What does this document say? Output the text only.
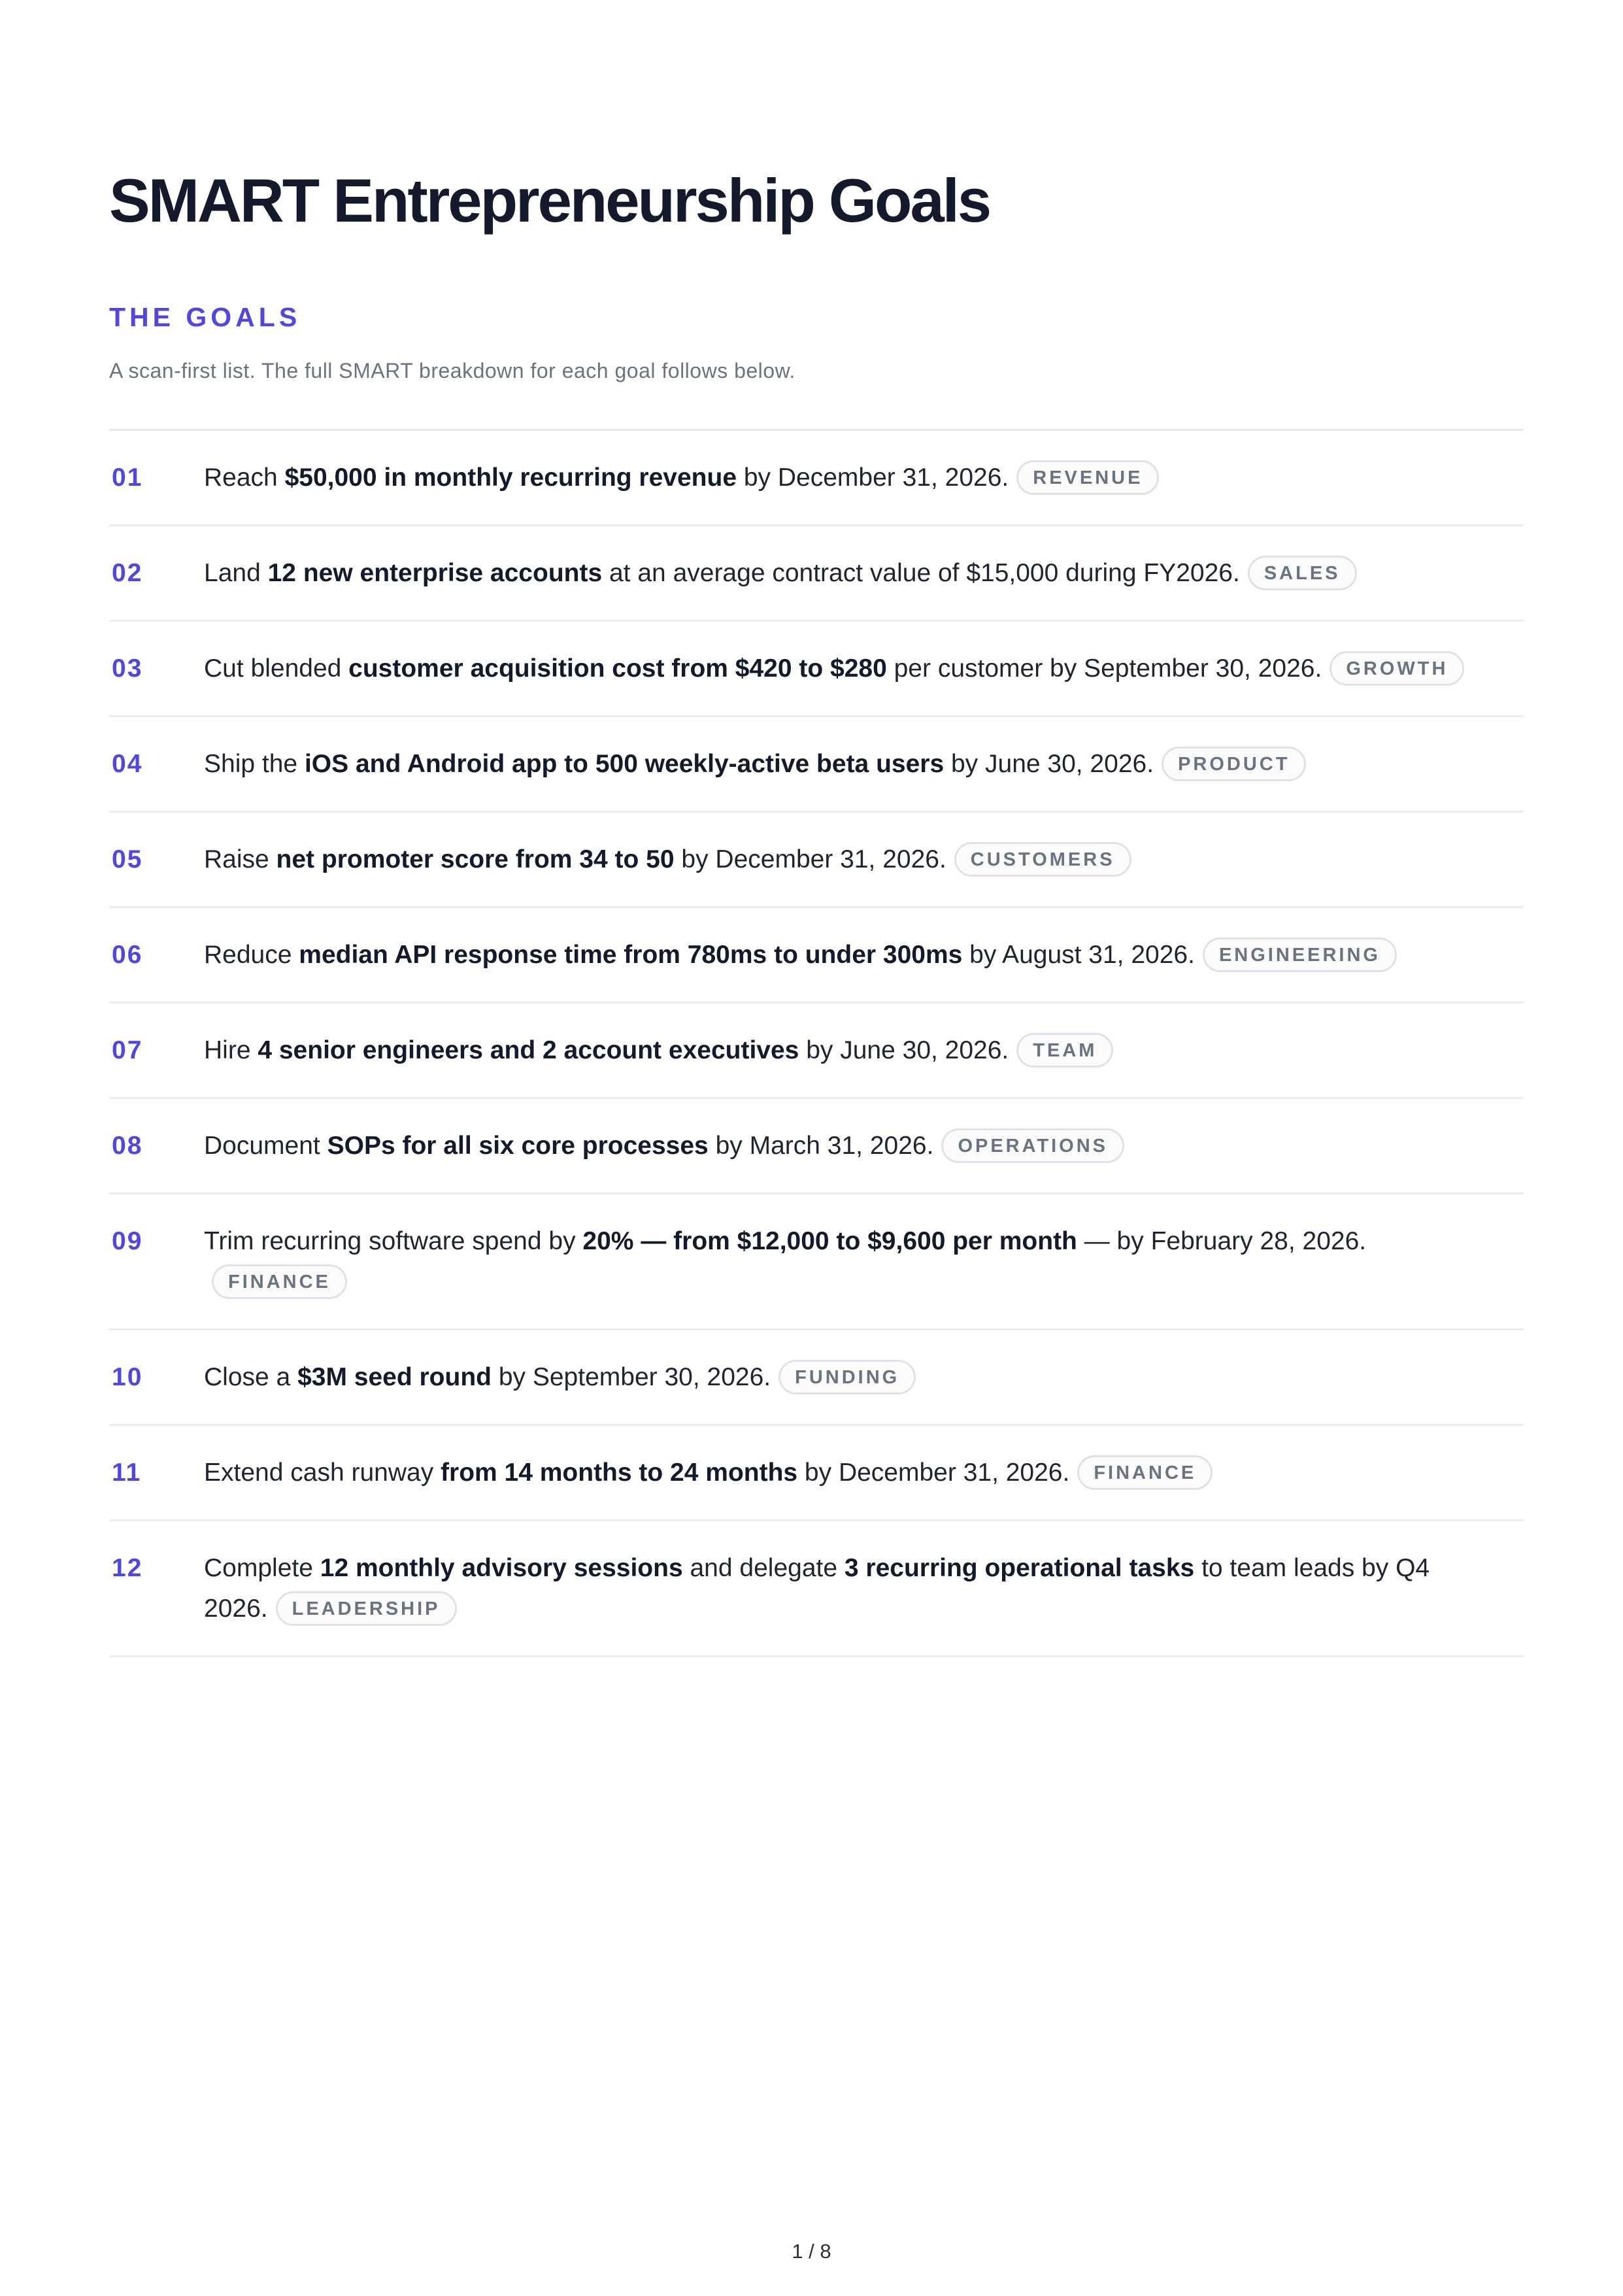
SMART Entrepreneurship Goals
THE GOALS
A scan-first list. The full SMART breakdown for each goal follows below.
01	Reach $50,000 in monthly recurring revenue by December 31, 2026. REVENUE
02	Land 12 new enterprise accounts at an average contract value of $15,000 during FY2026. SALES
03	Cut blended customer acquisition cost from $420 to $280 per customer by September 30, 2026. GROWTH
04	Ship the iOS and Android app to 500 weekly-active beta users by June 30, 2026. PRODUCT
05	Raise net promoter score from 34 to 50 by December 31, 2026. CUSTOMERS
06	Reduce median API response time from 780ms to under 300ms by August 31, 2026. ENGINEERING
07	Hire 4 senior engineers and 2 account executives by June 30, 2026. TEAM
08	Document SOPs for all six core processes by March 31, 2026. OPERATIONS
09	Trim recurring software spend by 20% — from $12,000 to $9,600 per month — by February 28, 2026.FINANCE
10	Close a $3M seed round by September 30, 2026. FUNDING
11	Extend cash runway from 14 months to 24 months by December 31, 2026. FINANCE
12	Complete 12 monthly advisory sessions and delegate 3 recurring operational tasks to team leads by Q4 2026. LEADERSHIP
1 / 8
